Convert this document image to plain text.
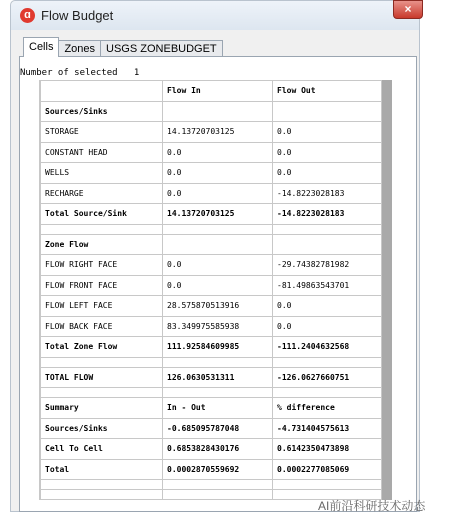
ɑ Flow Budget	×
Cells	Zones	USGS ZONEBUDGET
Number of selected 1
	Flow In	Flow Out
Sources/Sinks		
STORAGE	14.13720703125	0.0
CONSTANT HEAD	0.0	0.0
WELLS	0.0	0.0
RECHARGE	0.0	-14.8223028183
Total Source/Sink	14.13720703125	-14.8223028183

Zone Flow		
FLOW RIGHT FACE	0.0	-29.74382781982
FLOW FRONT FACE	0.0	-81.49863543701
FLOW LEFT FACE	28.575870513916	0.0
FLOW BACK FACE	83.349975585938	0.0
Total Zone Flow	111.92584609985	-111.2404632568

TOTAL FLOW	126.0630531311	-126.0627660751

Summary	In - Out	% difference
Sources/Sinks	-0.685095787048	-4.731404575613
Cell To Cell	0.6853828430176	0.6142350473898
Total	0.0002870559692	0.0002277085069

AI前沿科研技术动态
